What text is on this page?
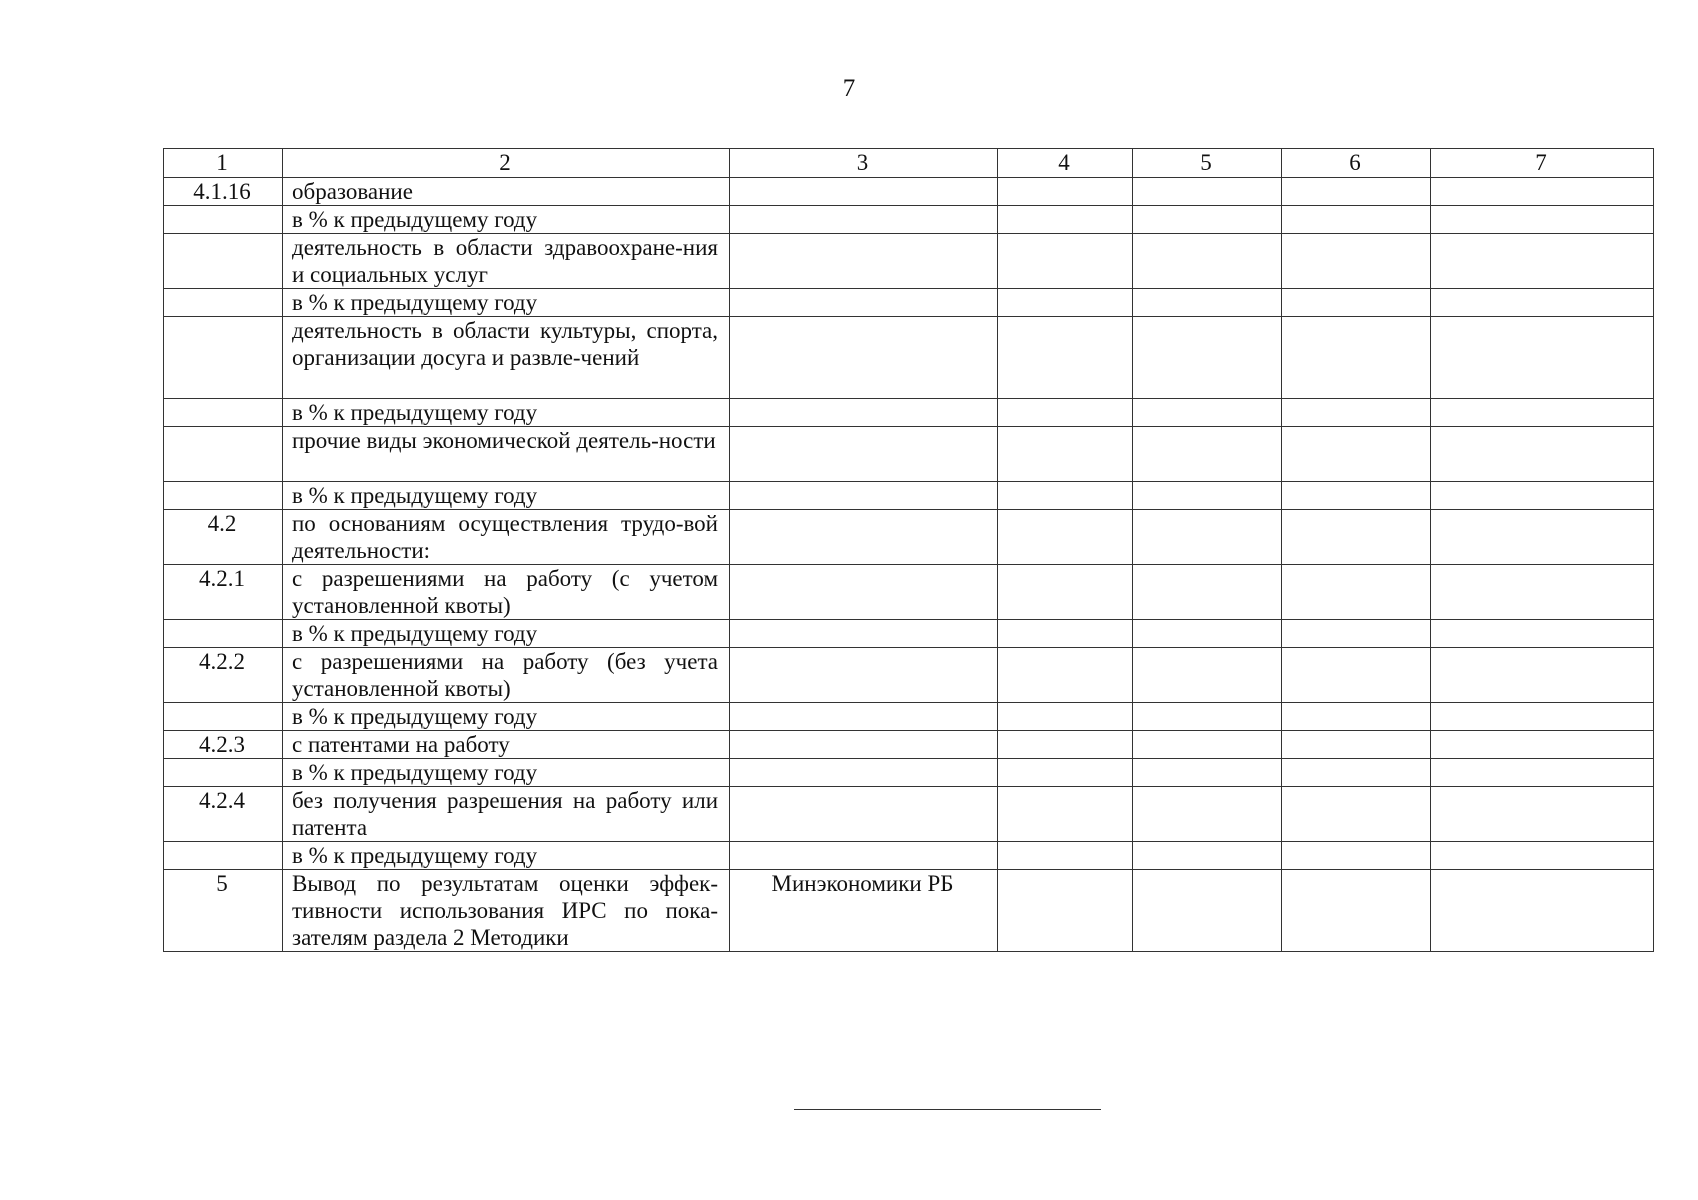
7
1	2	3	4	5	6	7
4.1.16	образование					
	в % к предыдущему году					
	деятельность в области здравоохране-ния и социальных услуг					
	в % к предыдущему году					
	деятельность в области культуры, спорта, организации досуга и развле-чений					
	в % к предыдущему году					
	прочие виды экономической деятель-ности					
	в % к предыдущему году					
4.2	по основаниям осуществления трудо-вой деятельности:					
4.2.1	с разрешениями на работу (с учетом установленной квоты)					
	в % к предыдущему году					
4.2.2	с разрешениями на работу (без учета установленной квоты)					
	в % к предыдущему году					
4.2.3	с патентами на работу					
	в % к предыдущему году					
4.2.4	без получения разрешения на работу или патента					
	в % к предыдущему году					
5	Вывод по результатам оценки эффек-тивности использования ИРС по пока-зателям раздела 2 Методики	Минэкономики РБ				
